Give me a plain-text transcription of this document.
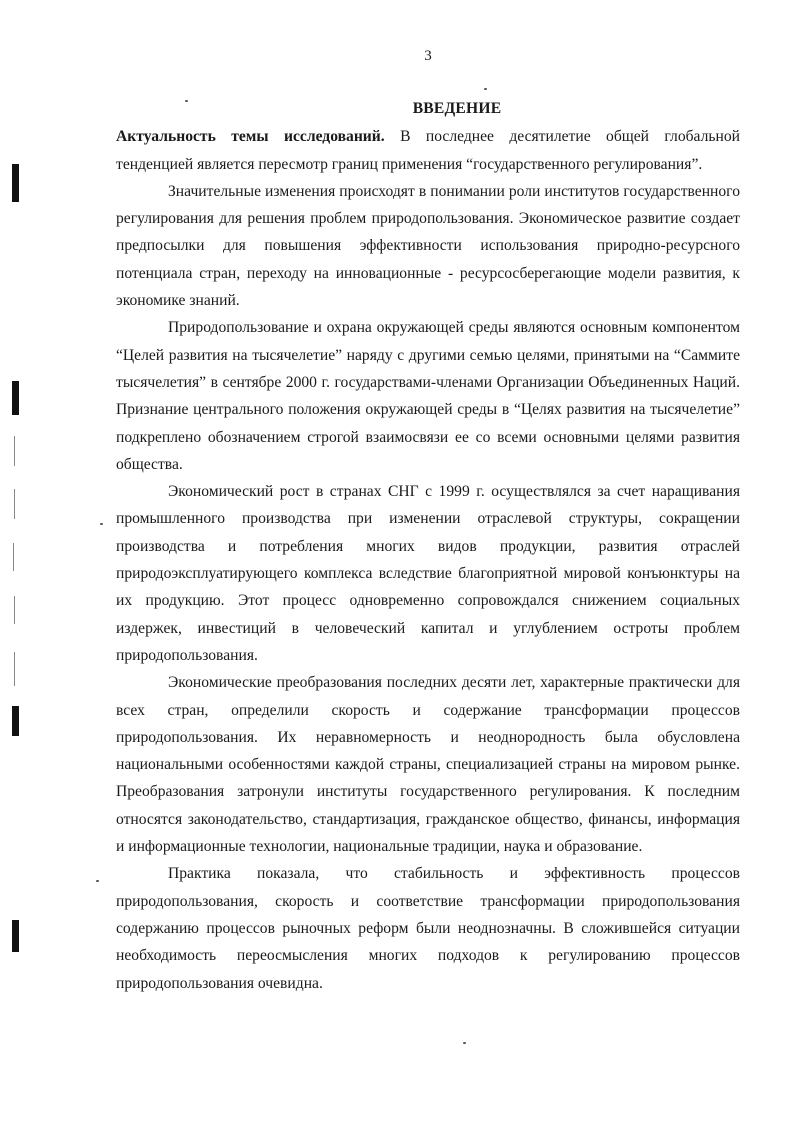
3
ВВЕДЕНИЕ

Актуальность темы исследований. В последнее десятилетие общей глобальной тенденцией является пересмотр границ применения “государственного регулирования”.

Значительные изменения происходят в понимании роли институтов государственного регулирования для решения проблем природопользования. Экономическое развитие создает предпосылки для повышения эффективности использования природно-ресурсного потенциала стран, переходу на инновационные - ресурсосберегающие модели развития, к экономике знаний.

Природопользование и охрана окружающей среды являются основным компонентом “Целей развития на тысячелетие” наряду с другими семью целями, принятыми на “Саммите тысячелетия” в сентябре 2000 г. государствами-членами Организации Объединенных Наций. Признание центрального положения окружающей среды в “Целях развития на тысячелетие” подкреплено обозначением строгой взаимосвязи ее со всеми основными целями развития общества.

Экономический рост в странах СНГ с 1999 г. осуществлялся за счет наращивания промышленного производства при изменении отраслевой структуры, сокращении производства и потребления многих видов продукции, развития отраслей природоэксплуатирующего комплекса вследствие благоприятной мировой конъюнктуры на их продукцию. Этот процесс одновременно сопровождался снижением социальных издержек, инвестиций в человеческий капитал и углублением остроты проблем природопользования.

Экономические преобразования последних десяти лет, характерные практически для всех стран, определили скорость и содержание трансформации процессов природопользования. Их неравномерность и неоднородность была обусловлена национальными особенностями каждой страны, специализацией страны на мировом рынке. Преобразования затронули институты государственного регулирования. К последним относятся законодательство, стандартизация, гражданское общество, финансы, информация и информационные технологии, национальные традиции, наука и образование.

Практика показала, что стабильность и эффективность процессов природопользования, скорость и соответствие трансформации природопользования содержанию процессов рыночных реформ были неоднозначны. В сложившейся ситуации необходимость переосмысления многих подходов к регулированию процессов природопользования очевидна.
